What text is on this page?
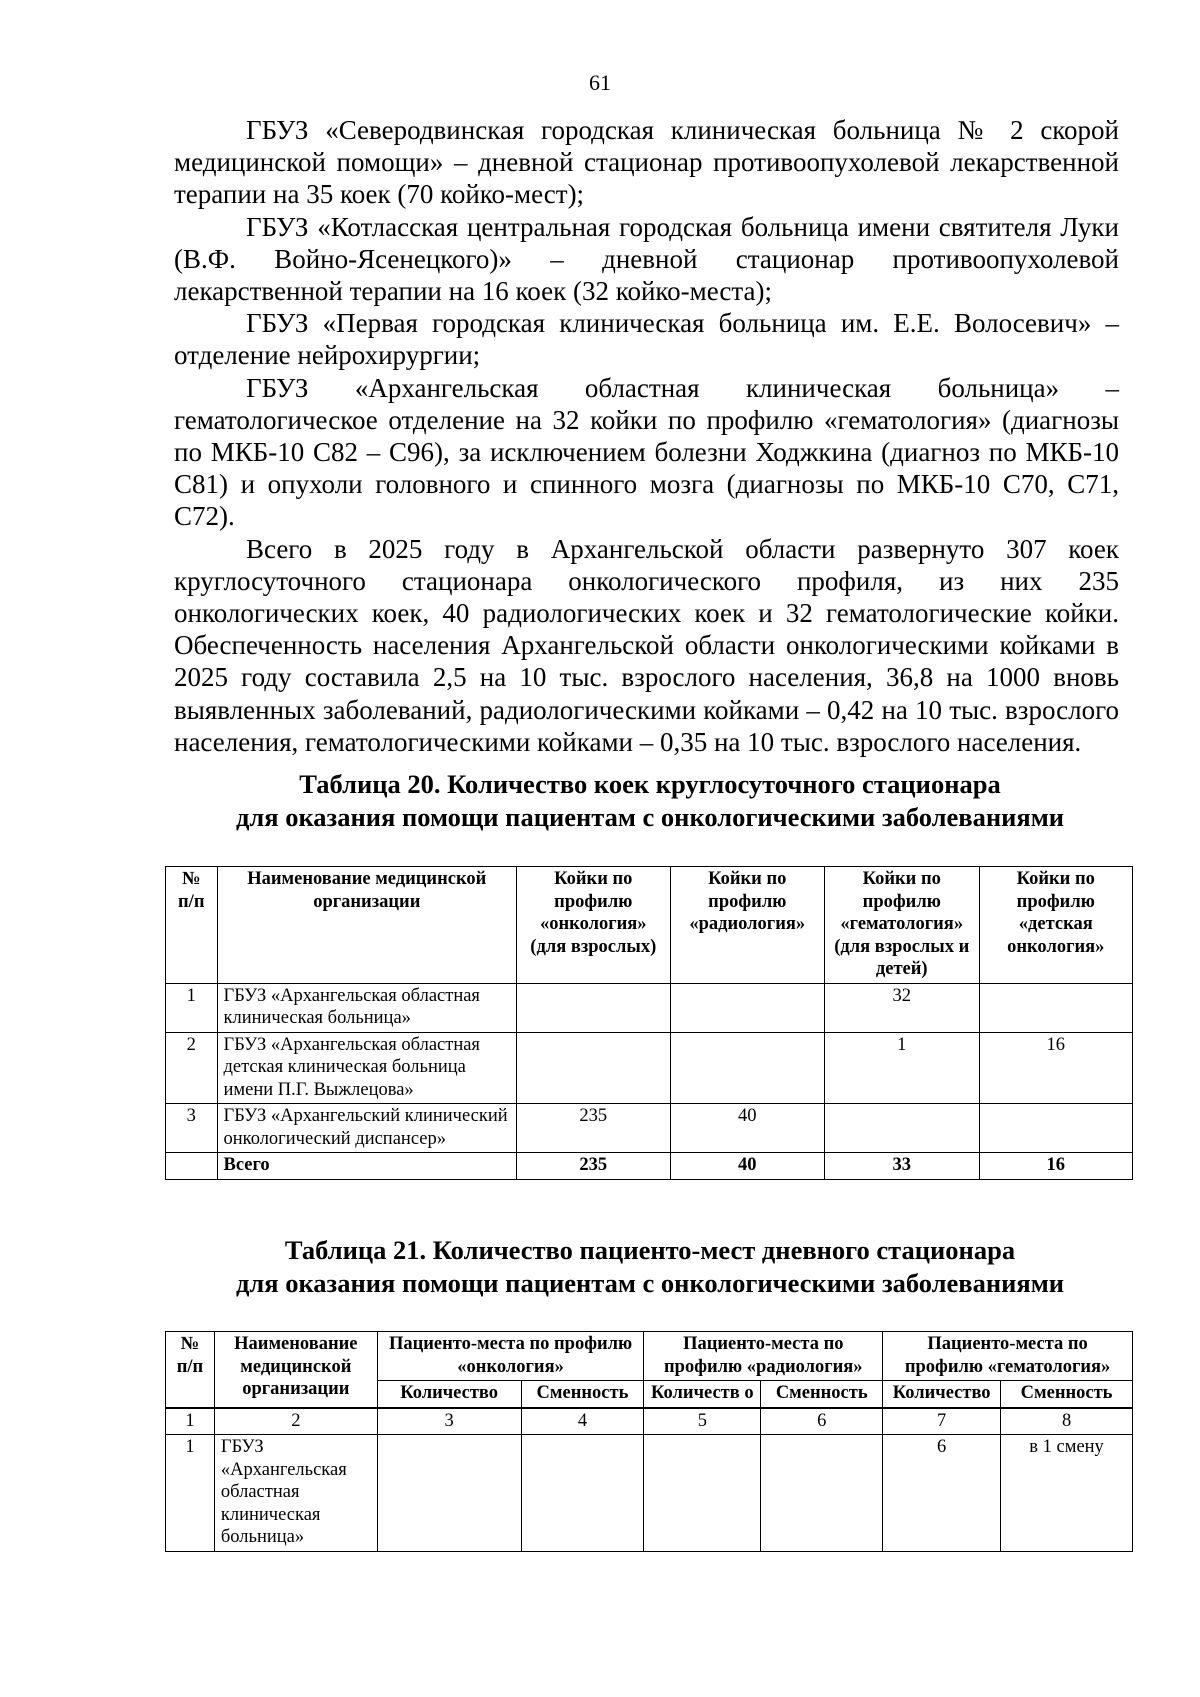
61

ГБУЗ «Северодвинская городская клиническая больница № 2 скорой медицинской помощи» – дневной стационар противоопухолевой лекарственной терапии на 35 коек (70 койко-мест);

ГБУЗ «Котласская центральная городская больница имени святителя Луки (В.Ф. Войно-Ясенецкого)» – дневной стационар противоопухолевой лекарственной терапии на 16 коек (32 койко-места);

ГБУЗ «Первая городская клиническая больница им. Е.Е. Волосевич» – отделение нейрохирургии;

ГБУЗ «Архангельская областная клиническая больница» – гематологическое отделение на 32 койки по профилю «гематология» (диагнозы по МКБ-10 С82 – С96), за исключением болезни Ходжкина (диагноз по МКБ-10 С81) и опухоли головного и спинного мозга (диагнозы по МКБ-10 С70, С71, С72).

Всего в 2025 году в Архангельской области развернуто 307 коек круглосуточного стационара онкологического профиля, из них 235 онкологических коек, 40 радиологических коек и 32 гематологические койки. Обеспеченность населения Архангельской области онкологическими койками в 2025 году составила 2,5 на 10 тыс. взрослого населения, 36,8 на 1000 вновь выявленных заболеваний, радиологическими койками – 0,42 на 10 тыс. взрослого населения, гематологическими койками – 0,35 на 10 тыс. взрослого населения.

Таблица 20. Количество коек круглосуточного стационара
для оказания помощи пациентам с онкологическими заболеваниями
№ п/п	Наименование медицинской организации	Койки по профилю «онкология» (для взрослых)	Койки по профилю «радиология»	Койки по профилю «гематология» (для взрослых и детей)	Койки по профилю «детская онкология»
1	ГБУЗ «Архангельская областная клиническая больница»			32	
2	ГБУЗ «Архангельская областная детская клиническая больница имени П.Г. Выжлецова»			1	16
3	ГБУЗ «Архангельский клинический онкологический диспансер»	235	40		
	Всего	235	40	33	16
Таблица 21. Количество пациенто-мест дневного стационара
для оказания помощи пациентам с онкологическими заболеваниями
№ п/п	Наименование медицинской организации	Пациенто-места по профилю «онкология»		Пациенто-места по профилю «радиология»		Пациенто-места по профилю «гематология»	
		Количество	Сменность	Количеств о	Сменность	Количество	Сменность
1	2	3	4	5	6	7	8
1	ГБУЗ «Архангельская областная клиническая больница»					6	в 1 смену
